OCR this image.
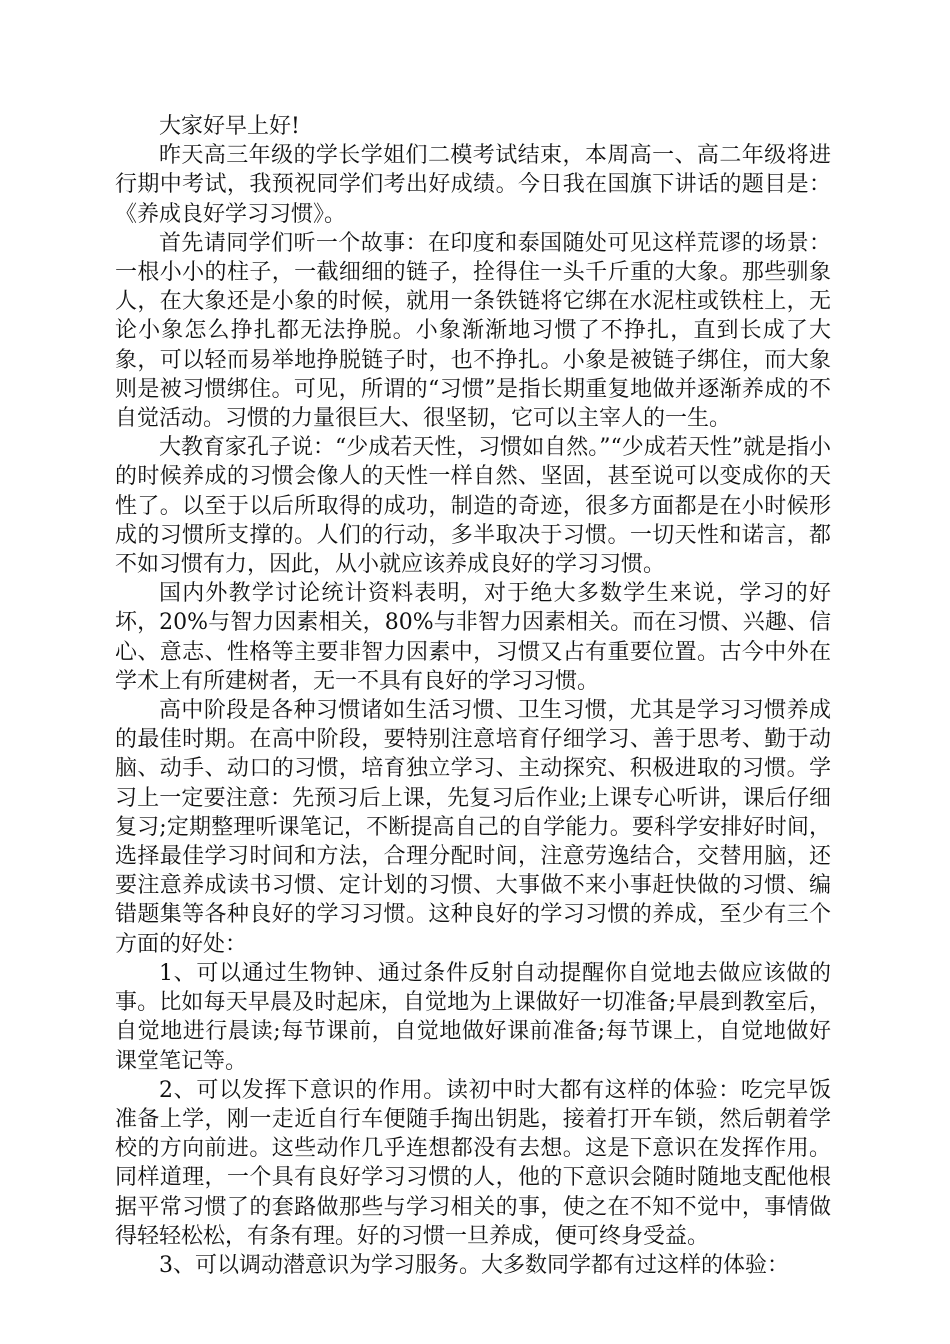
大家好早上好!

昨天高三年级的学长学姐们二模考试结束，本周高一、高二年级将进行期中考试，我预祝同学们考出好成绩。今日我在国旗下讲话的题目是：《养成良好学习习惯》。

首先请同学们听一个故事：在印度和泰国随处可见这样荒谬的场景：一根小小的柱子，一截细细的链子，拴得住一头千斤重的大象。那些驯象人，在大象还是小象的时候，就用一条铁链将它绑在水泥柱或铁柱上，无论小象怎么挣扎都无法挣脱。小象渐渐地习惯了不挣扎，直到长成了大象，可以轻而易举地挣脱链子时，也不挣扎。小象是被链子绑住，而大象则是被习惯绑住。可见，所谓的“习惯”是指长期重复地做并逐渐养成的不自觉活动。习惯的力量很巨大、很坚韧，它可以主宰人的一生。

大教育家孔子说：“少成若天性，习惯如自然。”“少成若天性”就是指小的时候养成的习惯会像人的天性一样自然、坚固，甚至说可以变成你的天性了。以至于以后所取得的成功，制造的奇迹，很多方面都是在小时候形成的习惯所支撑的。人们的行动，多半取决于习惯。一切天性和诺言，都不如习惯有力，因此，从小就应该养成良好的学习习惯。

国内外教学讨论统计资料表明，对于绝大多数学生来说，学习的好坏，20%与智力因素相关，80%与非智力因素相关。而在习惯、兴趣、信心、意志、性格等主要非智力因素中，习惯又占有重要位置。古今中外在学术上有所建树者，无一不具有良好的学习习惯。

高中阶段是各种习惯诸如生活习惯、卫生习惯，尤其是学习习惯养成的最佳时期。在高中阶段，要特别注意培育仔细学习、善于思考、勤于动脑、动手、动口的习惯，培育独立学习、主动探究、积极进取的习惯。学习上一定要注意：先预习后上课，先复习后作业;上课专心听讲，课后仔细复习;定期整理听课笔记，不断提高自己的自学能力。要科学安排好时间，选择最佳学习时间和方法，合理分配时间，注意劳逸结合，交替用脑，还要注意养成读书习惯、定计划的习惯、大事做不来小事赶快做的习惯、编错题集等各种良好的学习习惯。这种良好的学习习惯的养成，至少有三个方面的好处：

1、可以通过生物钟、通过条件反射自动提醒你自觉地去做应该做的事。比如每天早晨及时起床，自觉地为上课做好一切准备;早晨到教室后，自觉地进行晨读;每节课前，自觉地做好课前准备;每节课上，自觉地做好课堂笔记等。

2、可以发挥下意识的作用。读初中时大都有这样的体验：吃完早饭准备上学，刚一走近自行车便随手掏出钥匙，接着打开车锁，然后朝着学校的方向前进。这些动作几乎连想都没有去想。这是下意识在发挥作用。同样道理，一个具有良好学习习惯的人，他的下意识会随时随地支配他根据平常习惯了的套路做那些与学习相关的事，使之在不知不觉中，事情做得轻轻松松，有条有理。好的习惯一旦养成，便可终身受益。

3、可以调动潜意识为学习服务。大多数同学都有过这样的体验：
